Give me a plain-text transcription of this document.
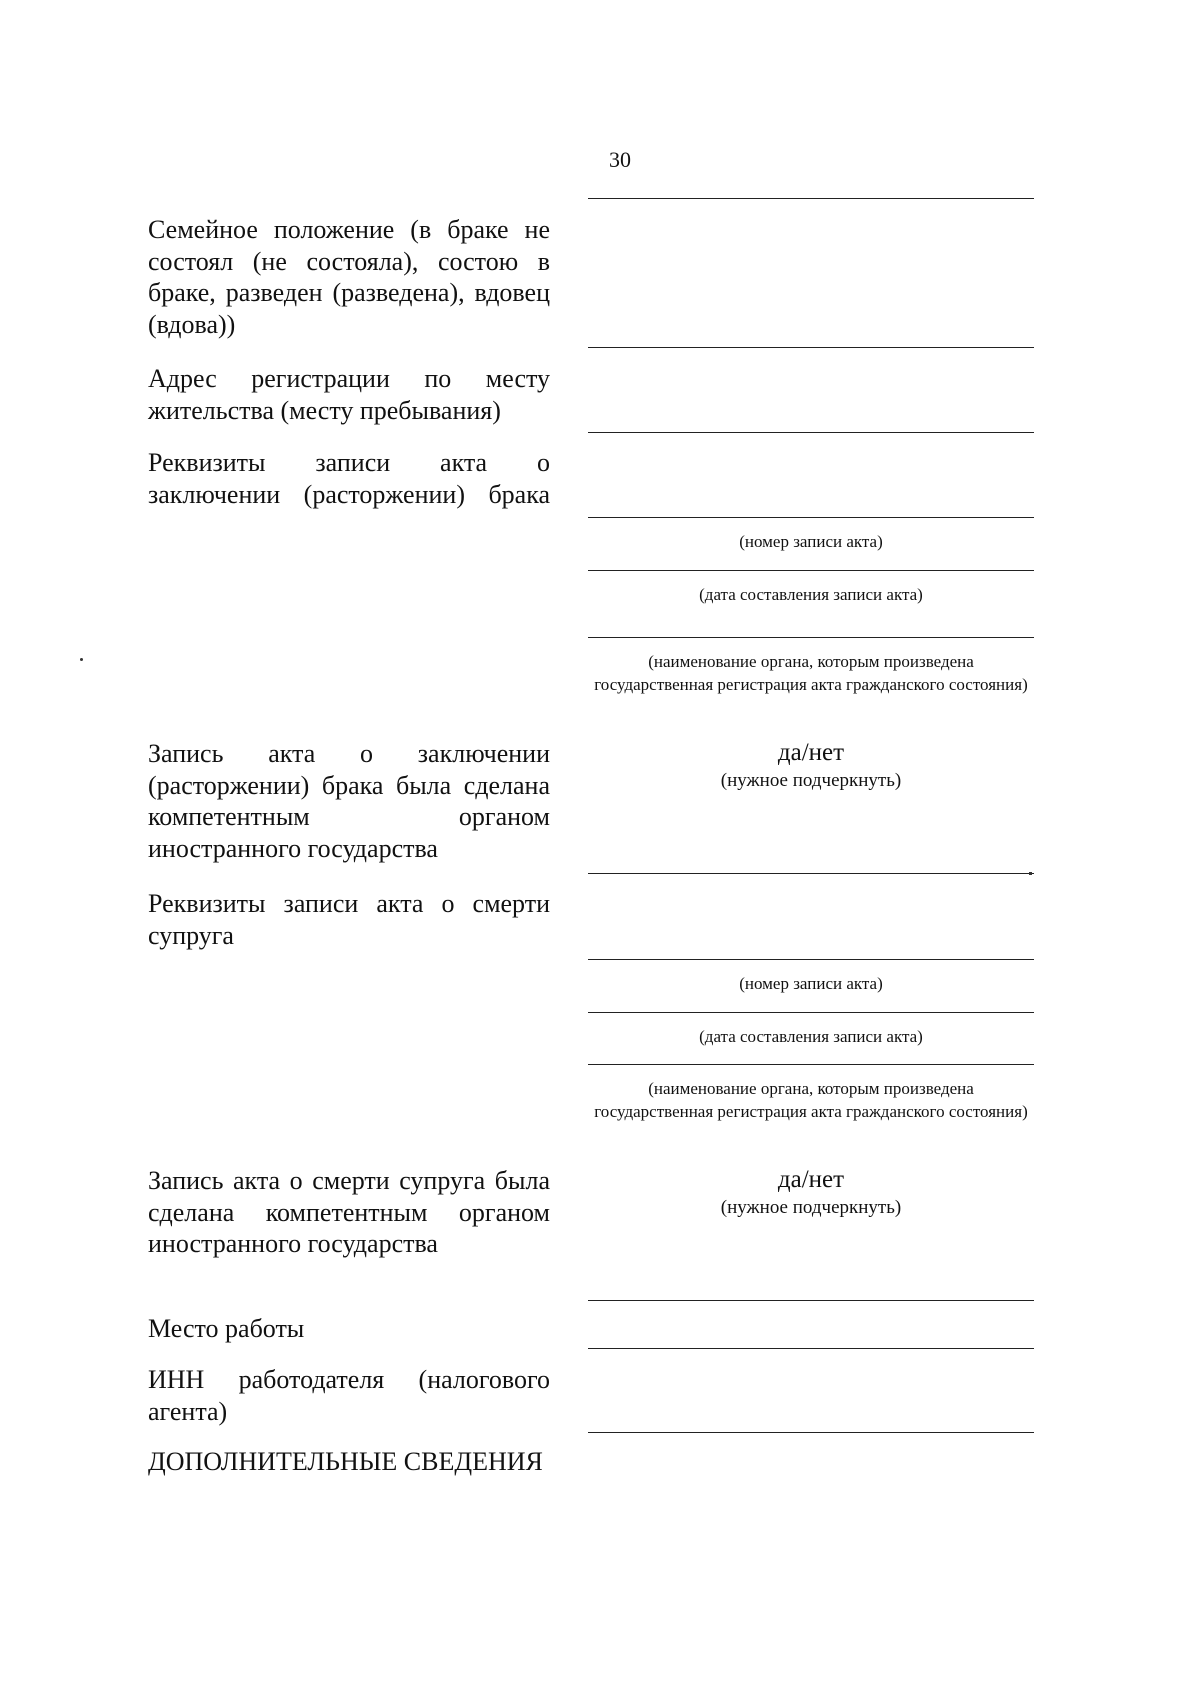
30
Семейное положение (в браке не состоял (не состояла), состою в браке, разведен (разведена), вдовец (вдова))
Адрес регистрации по месту жительства (месту пребывания)
Реквизиты записи акта о заключении (расторжении) брака
(номер записи акта)
(дата составления записи акта)
(наименование органа, которым произведена государственная регистрация акта гражданского состояния)
Запись акта о заключении (расторжении) брака была сделана компетентным органом иностранного государства
да/нет
(нужное подчеркнуть)
Реквизиты записи акта о смерти супруга
(номер записи акта)
(дата составления записи акта)
(наименование органа, которым произведена государственная регистрация акта гражданского состояния)
Запись акта о смерти супруга была сделана компетентным органом иностранного государства
да/нет
(нужное подчеркнуть)
Место работы
ИНН работодателя (налогового агента)
ДОПОЛНИТЕЛЬНЫЕ СВЕДЕНИЯ
